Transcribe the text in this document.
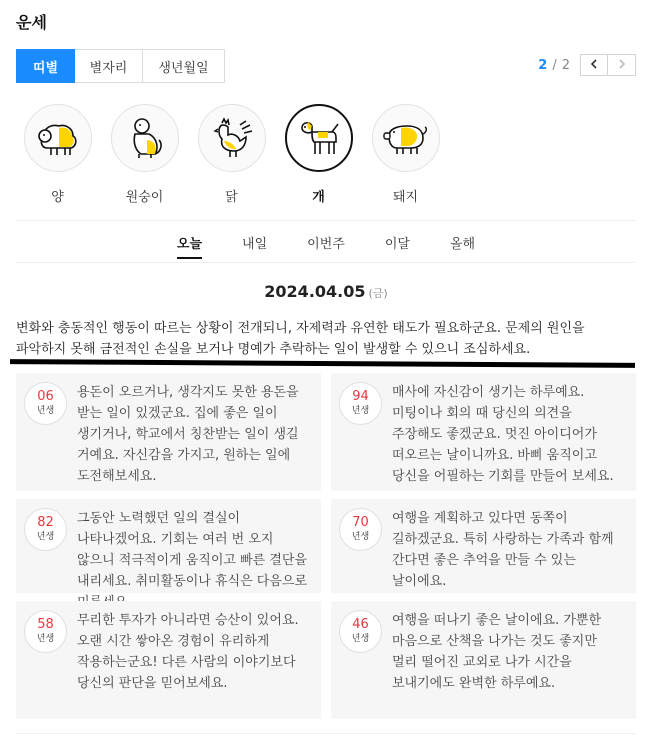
운세
띠별	별자리	생년월일	2 / 2
양	원숭이	닭	개	돼지
오늘	내일	이번주	이달	올해
2024.04.05 (금)
변화와 충동적인 행동이 따르는 상황이 전개되니, 자제력과 유연한 태도가 필요하군요. 문제의 원인을 파악하지 못해 금전적인 손실을 보거나 명예가 추락하는 일이 발생할 수 있으니 조심하세요.
06
년생
용돈이 오르거나, 생각지도 못한 용돈을 받는 일이 있겠군요. 집에 좋은 일이 생기거나, 학교에서 칭찬받는 일이 생길 거예요. 자신감을 가지고, 원하는 일에 도전해보세요.
94
년생
매사에 자신감이 생기는 하루예요. 미팅이나 회의 때 당신의 의견을 주장해도 좋겠군요. 멋진 아이디어가 떠오르는 날이니까요. 바삐 움직이고 당신을 어필하는 기회를 만들어 보세요.
82
년생
그동안 노력했던 일의 결실이 나타나겠어요. 기회는 여러 번 오지 않으니 적극적이게 움직이고 빠른 결단을 내리세요. 취미활동이나 휴식은 다음으로
70
년생
여행을 계획하고 있다면 동쪽이 길하겠군요. 특히 사랑하는 가족과 함께 간다면 좋은 추억을 만들 수 있는 날이에요.
58
년생
무리한 투자가 아니라면 승산이 있어요. 오랜 시간 쌓아온 경험이 유리하게 작용하는군요! 다른 사람의 이야기보다 당신의 판단을 믿어보세요.
46
년생
여행을 떠나기 좋은 날이에요. 가뿐한 마음으로 산책을 나가는 것도 좋지만 멀리 떨어진 교외로 나가 시간을 보내기에도 완벽한 하루예요.
